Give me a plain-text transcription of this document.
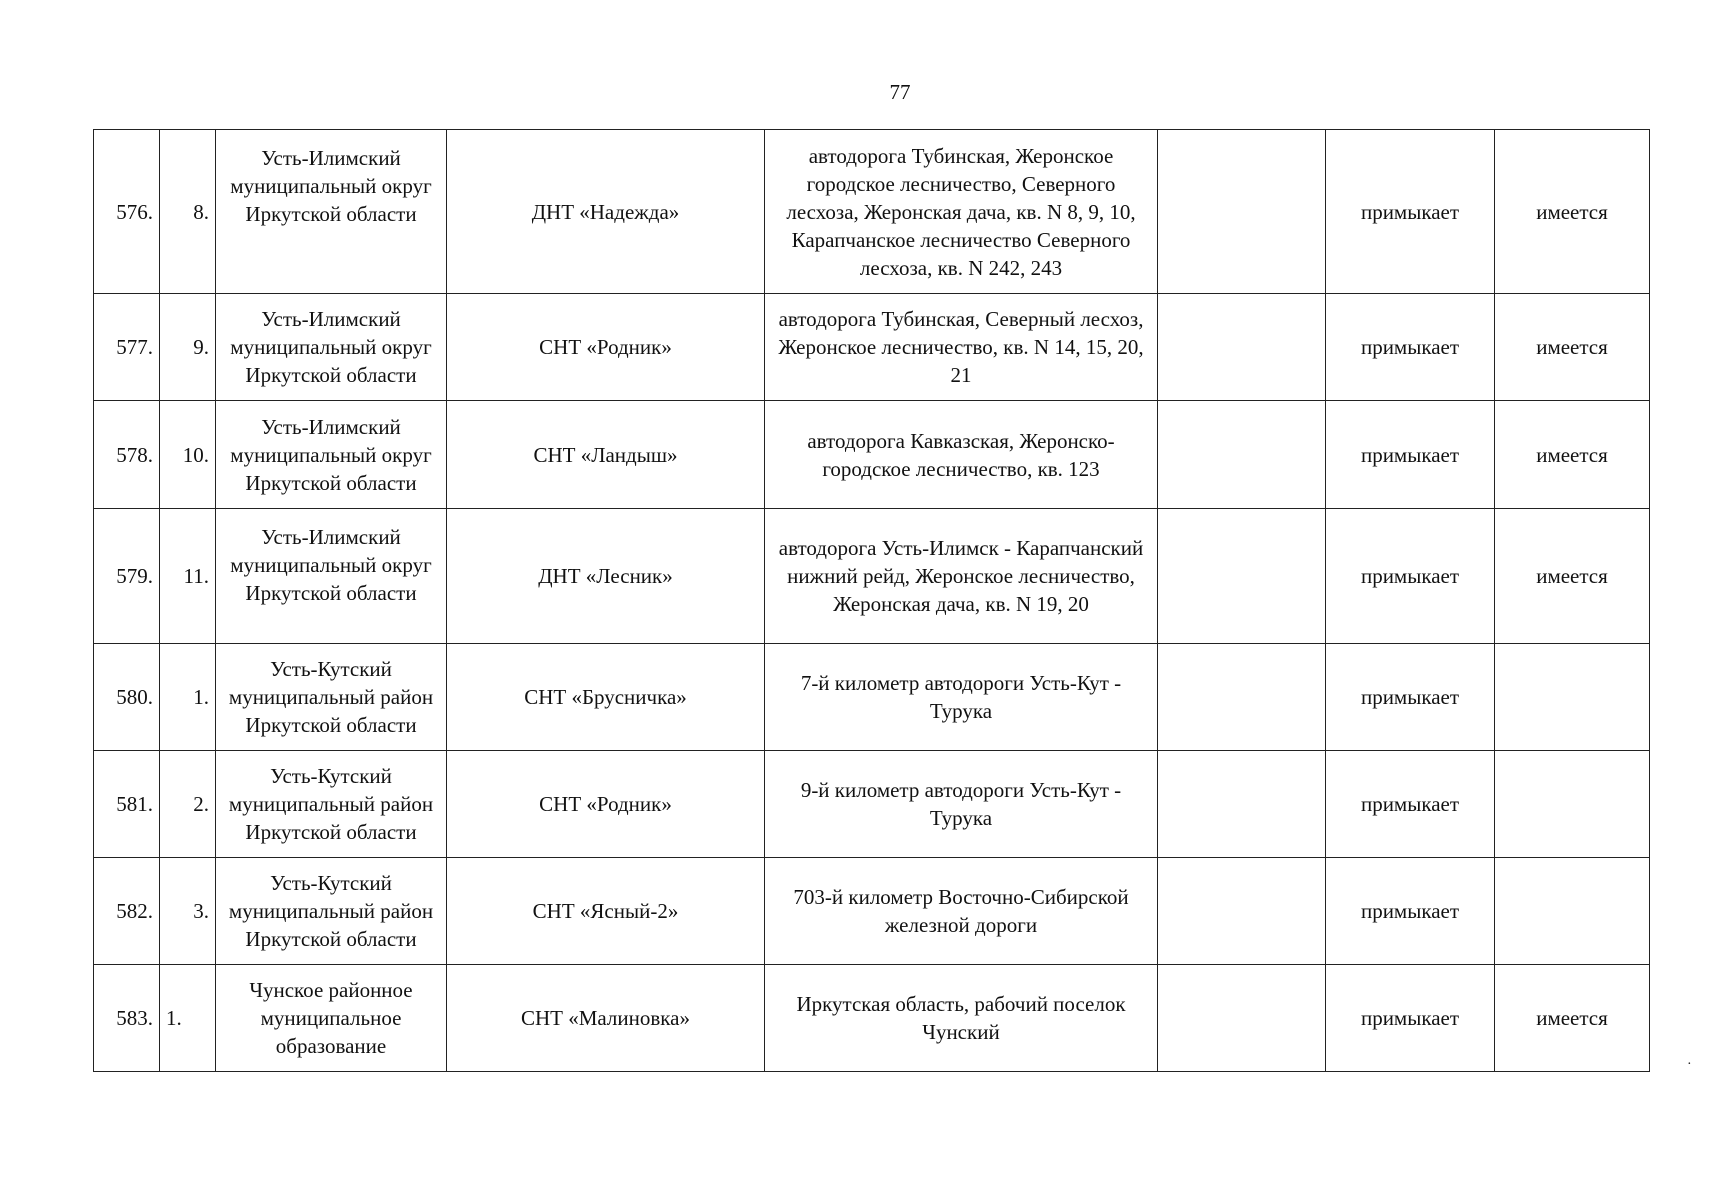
77
576.	8.	Усть-Илимский муниципальный округ Иркутской области	ДНТ «Надежда»	автодорога Тубинская, Жеронское городское лесничество, Северного лесхоза, Жеронская дача, кв. N 8, 9, 10, Карапчанское лесничество Северного лесхоза, кв. N 242, 243		примыкает	имеется
577.	9.	Усть-Илимский муниципальный округ Иркутской области	СНТ «Родник»	автодорога Тубинская, Северный лесхоз, Жеронское лесничество, кв. N 14, 15, 20, 21		примыкает	имеется
578.	10.	Усть-Илимский муниципальный округ Иркутской области	СНТ «Ландыш»	автодорога Кавказская, Жеронско-городское лесничество, кв. 123		примыкает	имеется
579.	11.	Усть-Илимский муниципальный округ Иркутской области	ДНТ «Лесник»	автодорога Усть-Илимск - Карапчанский нижний рейд, Жеронское лесничество, Жеронская дача, кв. N 19, 20		примыкает	имеется
580.	1.	Усть-Кутский муниципальный район Иркутской области	СНТ «Брусничка»	7-й километр автодороги Усть-Кут - Турука		примыкает	
581.	2.	Усть-Кутский муниципальный район Иркутской области	СНТ «Родник»	9-й километр автодороги Усть-Кут - Турука		примыкает	
582.	3.	Усть-Кутский муниципальный район Иркутской области	СНТ «Ясный-2»	703-й километр Восточно-Сибирской железной дороги		примыкает	
583.	1.	Чунское районное муниципальное образование	СНТ «Малиновка»	Иркутская область, рабочий поселок Чунский		примыкает	имеется
·
